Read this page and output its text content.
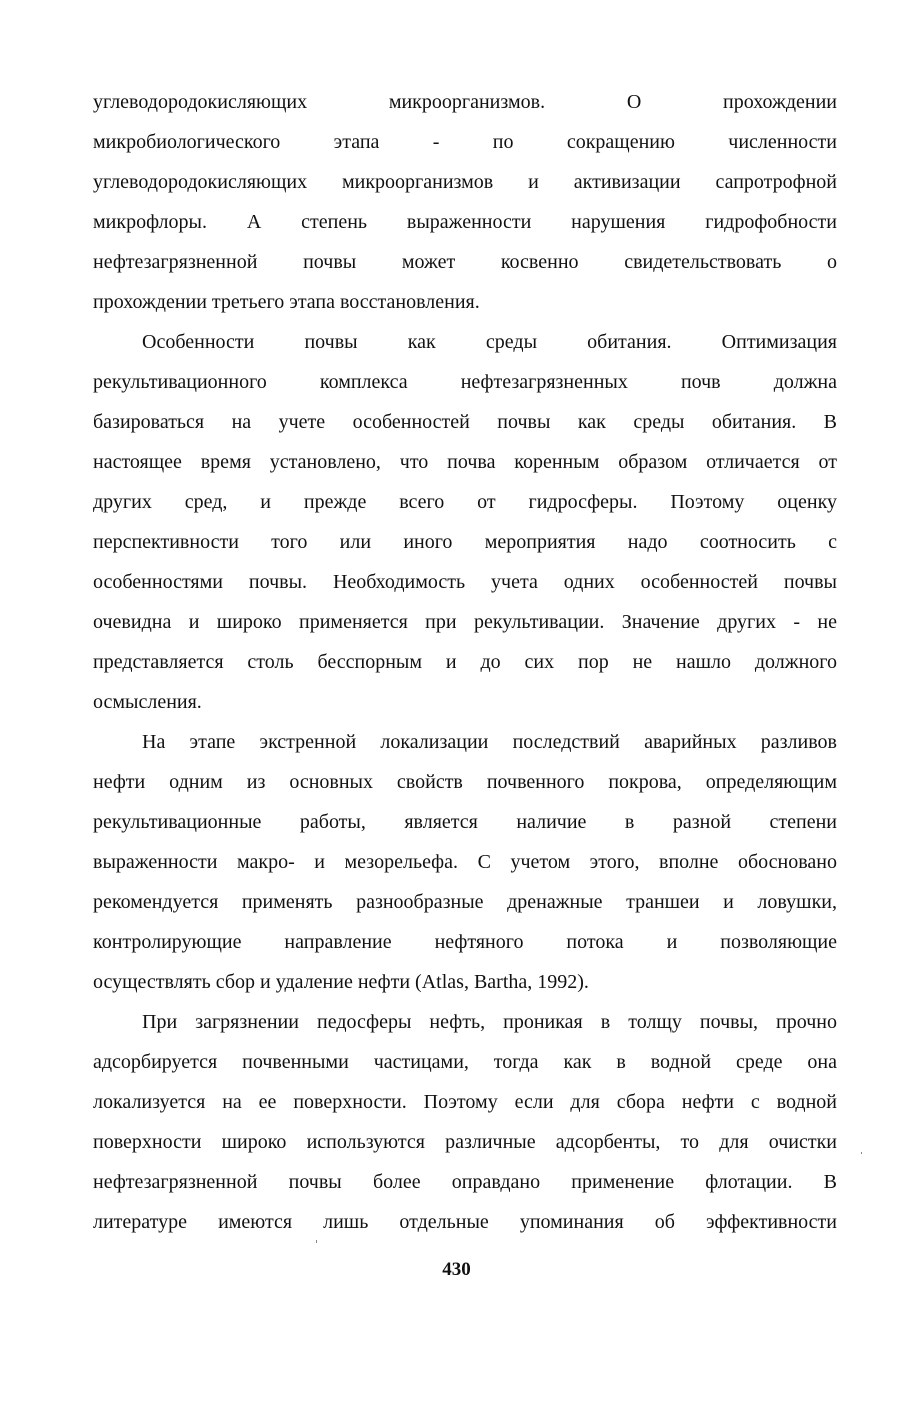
углеводородокисляющих микроорганизмов. О прохождении
микробиологического этапа - по сокращению численности
углеводородокисляющих микроорганизмов и активизации сапротрофной
микрофлоры. А степень выраженности нарушения гидрофобности
нефтезагрязненной почвы может косвенно свидетельствовать о
прохождении третьего этапа восстановления.
Особенности почвы как среды обитания. Оптимизация
рекультивационного комплекса нефтезагрязненных почв должна
базироваться на учете особенностей почвы как среды обитания. В
настоящее время установлено, что почва коренным образом отличается от
других сред, и прежде всего от гидросферы. Поэтому оценку
перспективности того или иного мероприятия надо соотносить с
особенностями почвы. Необходимость учета одних особенностей почвы
очевидна и широко применяется при рекультивации. Значение других - не
представляется столь бесспорным и до сих пор не нашло должного
осмысления.
На этапе экстренной локализации последствий аварийных разливов
нефти одним из основных свойств почвенного покрова, определяющим
рекультивационные работы, является наличие в разной степени
выраженности макро- и мезорельефа. С учетом этого, вполне обосновано
рекомендуется применять разнообразные дренажные траншеи и ловушки,
контролирующие направление нефтяного потока и позволяющие
осуществлять сбор и удаление нефти (Atlas, Bartha, 1992).
При загрязнении педосферы нефть, проникая в толщу почвы, прочно
адсорбируется почвенными частицами, тогда как в водной среде она
локализуется на ее поверхности. Поэтому если для сбора нефти с водной
поверхности широко используются различные адсорбенты, то для очистки
нефтезагрязненной почвы более оправдано применение флотации. В
литературе имеются лишь отдельные упоминания об эффективности
430
